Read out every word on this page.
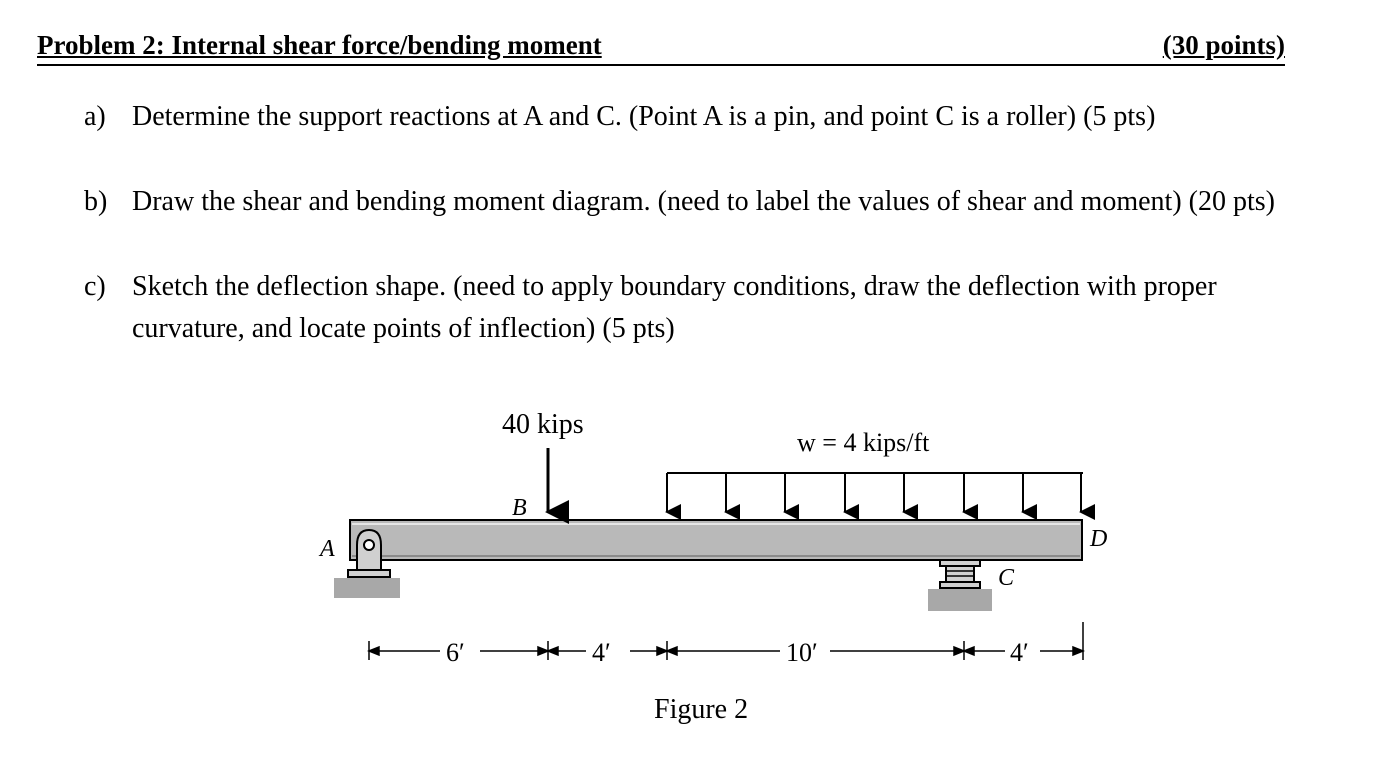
Problem 2: Internal shear force/bending moment	(30 points)
a) Determine the support reactions at A and C. (Point A is a pin, and point C is a roller) (5 pts)
b) Draw the shear and bending moment diagram. (need to label the values of shear and moment) (20 pts)
c) Sketch the deflection shape. (need to apply boundary conditions, draw the deflection with proper curvature, and locate points of inflection) (5 pts)
40 kips
w = 4 kips/ft
B
A
C
D
6′	4′	10′	4′
Figure 2
